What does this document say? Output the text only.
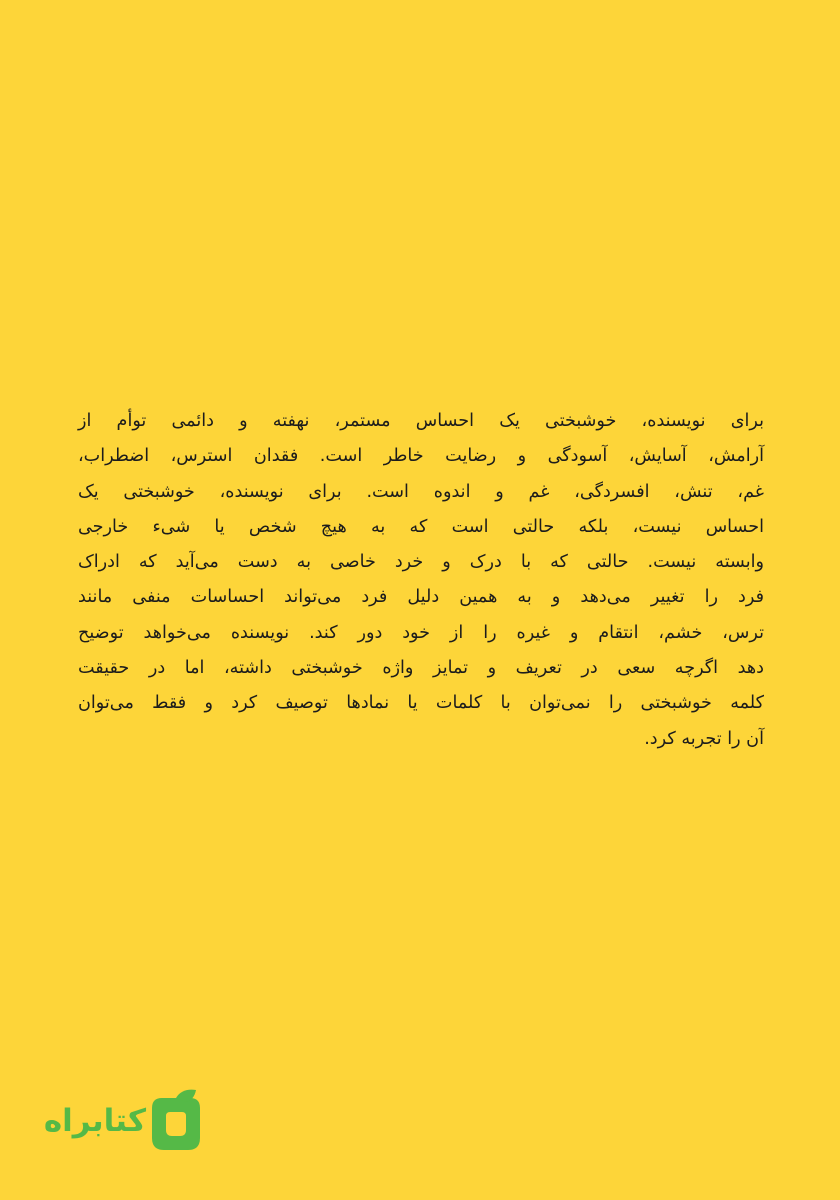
برای نویسنده، خوشبختی یک احساس مستمر، نهفته و دائمی توأم از
آرامش، آسایش، آسودگی و رضایت خاطر است. فقدان استرس، اضطراب،
غم، تنش، افسردگی، غم و اندوه است. برای نویسنده، خوشبختی یک
احساس نیست، بلکه حالتی است که به هیچ شخص یا شیء خارجی
وابسته نیست. حالتی که با درک و خرد خاصی به دست می‌آید که ادراک
فرد را تغییر می‌دهد و به همین دلیل فرد می‌تواند احساسات منفی مانند
ترس، خشم، انتقام و غیره را از خود دور کند. نویسنده می‌خواهد توضیح
دهد اگرچه سعی در تعریف و تمایز واژه خوشبختی داشته، اما در حقیقت
کلمه خوشبختی را نمی‌توان با کلمات یا نمادها توصیف کرد و فقط می‌توان
آن را تجربه کرد.

کتابراه
